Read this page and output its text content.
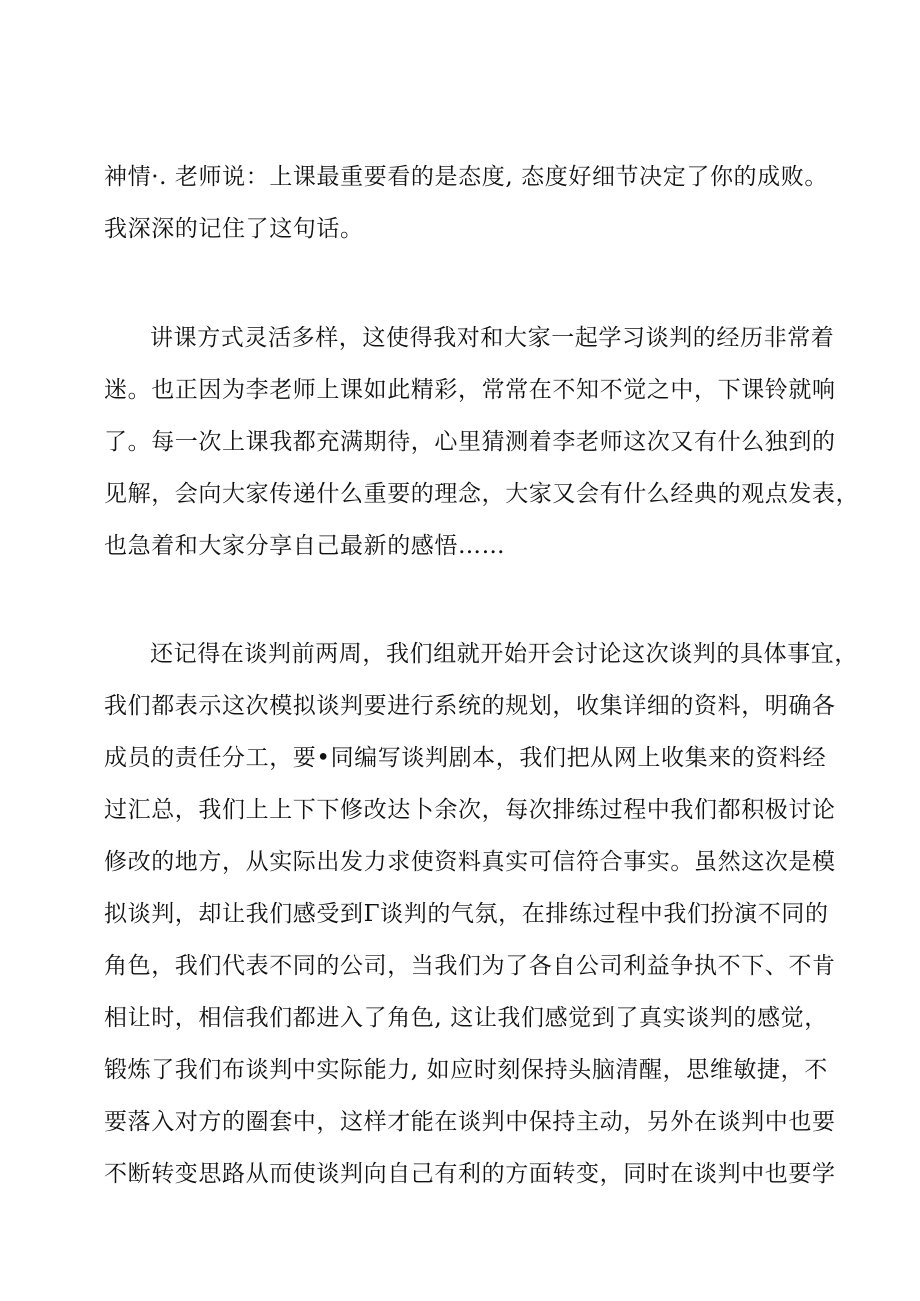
神情·. 老师说：上课最重要看的是态度, 态度好细节决定了你的成败。
我深深的记住了这句话。
讲课方式灵活多样，这使得我对和大家一起学习谈判的经历非常着
迷。也正因为李老师上课如此精彩，常常在不知不觉之中，下课铃就响
了。每一次上课我都充满期待，心里猜测着李老师这次又有什么独到的
见解，会向大家传递什么重要的理念，大家又会有什么经典的观点发表，
也急着和大家分享自己最新的感悟……
还记得在谈判前两周，我们组就开始开会讨论这次谈判的具体事宜，
我们都表示这次模拟谈判要进行系统的规划，收集详细的资料，明确各
成员的责任分工，要•同编写谈判剧本，我们把从网上收集来的资料经
过汇总，我们上上下下修改达卜余次，每次排练过程中我们都积极讨论
修改的地方，从实际出发力求使资料真实可信符合事实。虽然这次是模
拟谈判，却让我们感受到Γ谈判的气氛，在排练过程中我们扮演不同的
角色，我们代表不同的公司，当我们为了各自公司利益争执不下、不肯
相让时，相信我们都进入了角色, 这让我们感觉到了真实谈判的感觉，
锻炼了我们布谈判中实际能力, 如应时刻保持头脑清醒，思维敏捷，不
要落入对方的圈套中，这样才能在谈判中保持主动，另外在谈判中也要
不断转变思路从而使谈判向自己有利的方面转变，同时在谈判中也要学
